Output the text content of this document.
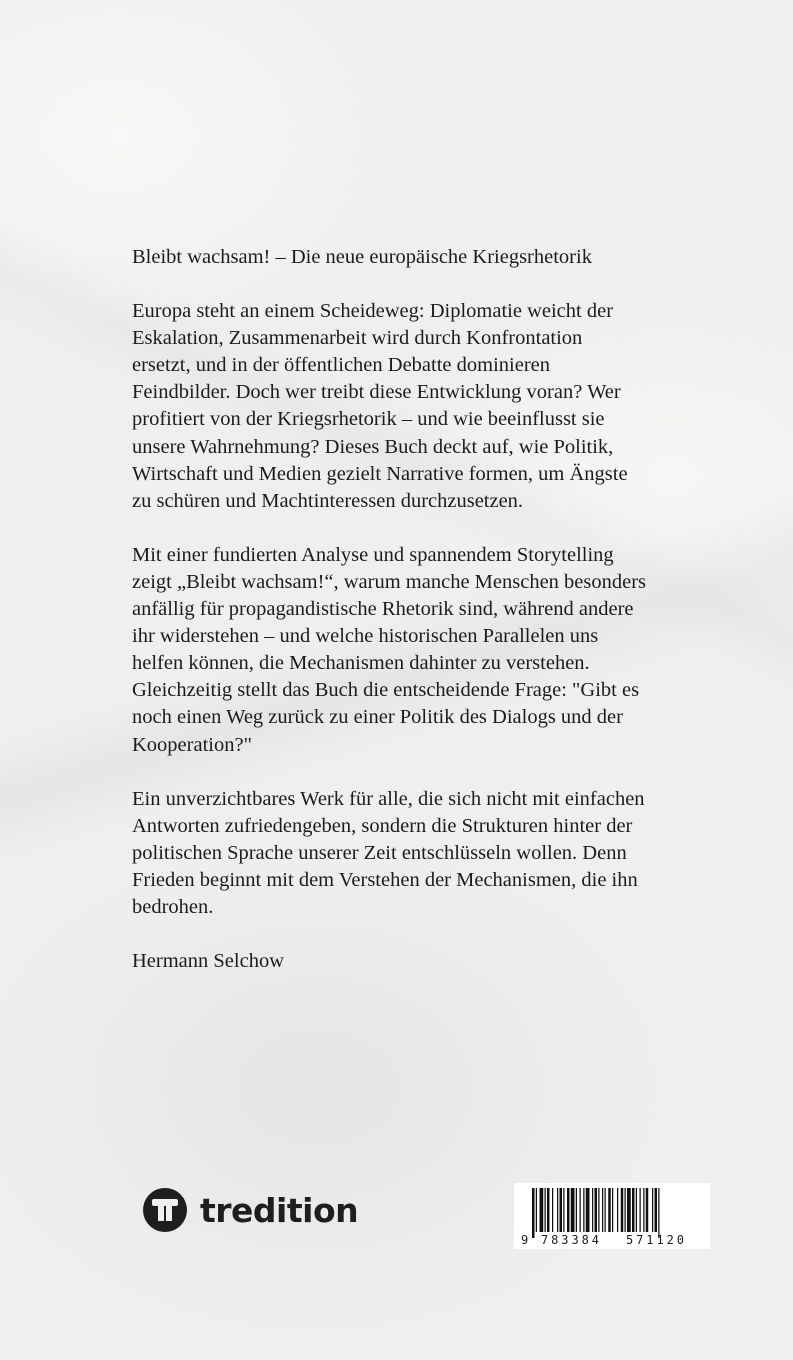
Bleibt wachsam! – Die neue europäische Kriegsrhetorik

Europa steht an einem Scheideweg: Diplomatie weicht der
Eskalation, Zusammenarbeit wird durch Konfrontation
ersetzt, und in der öffentlichen Debatte dominieren
Feindbilder. Doch wer treibt diese Entwicklung voran? Wer
profitiert von der Kriegsrhetorik – und wie beeinflusst sie
unsere Wahrnehmung? Dieses Buch deckt auf, wie Politik,
Wirtschaft und Medien gezielt Narrative formen, um Ängste
zu schüren und Machtinteressen durchzusetzen.

Mit einer fundierten Analyse und spannendem Storytelling
zeigt „Bleibt wachsam!“, warum manche Menschen besonders
anfällig für propagandistische Rhetorik sind, während andere
ihr widerstehen – und welche historischen Parallelen uns
helfen können, die Mechanismen dahinter zu verstehen.
Gleichzeitig stellt das Buch die entscheidende Frage: "Gibt es
noch einen Weg zurück zu einer Politik des Dialogs und der
Kooperation?"

Ein unverzichtbares Werk für alle, die sich nicht mit einfachen
Antworten zufriedengeben, sondern die Strukturen hinter der
politischen Sprache unserer Zeit entschlüsseln wollen. Denn
Frieden beginnt mit dem Verstehen der Mechanismen, die ihn
bedrohen.

Hermann Selchow

tredition
9 783384 571120
